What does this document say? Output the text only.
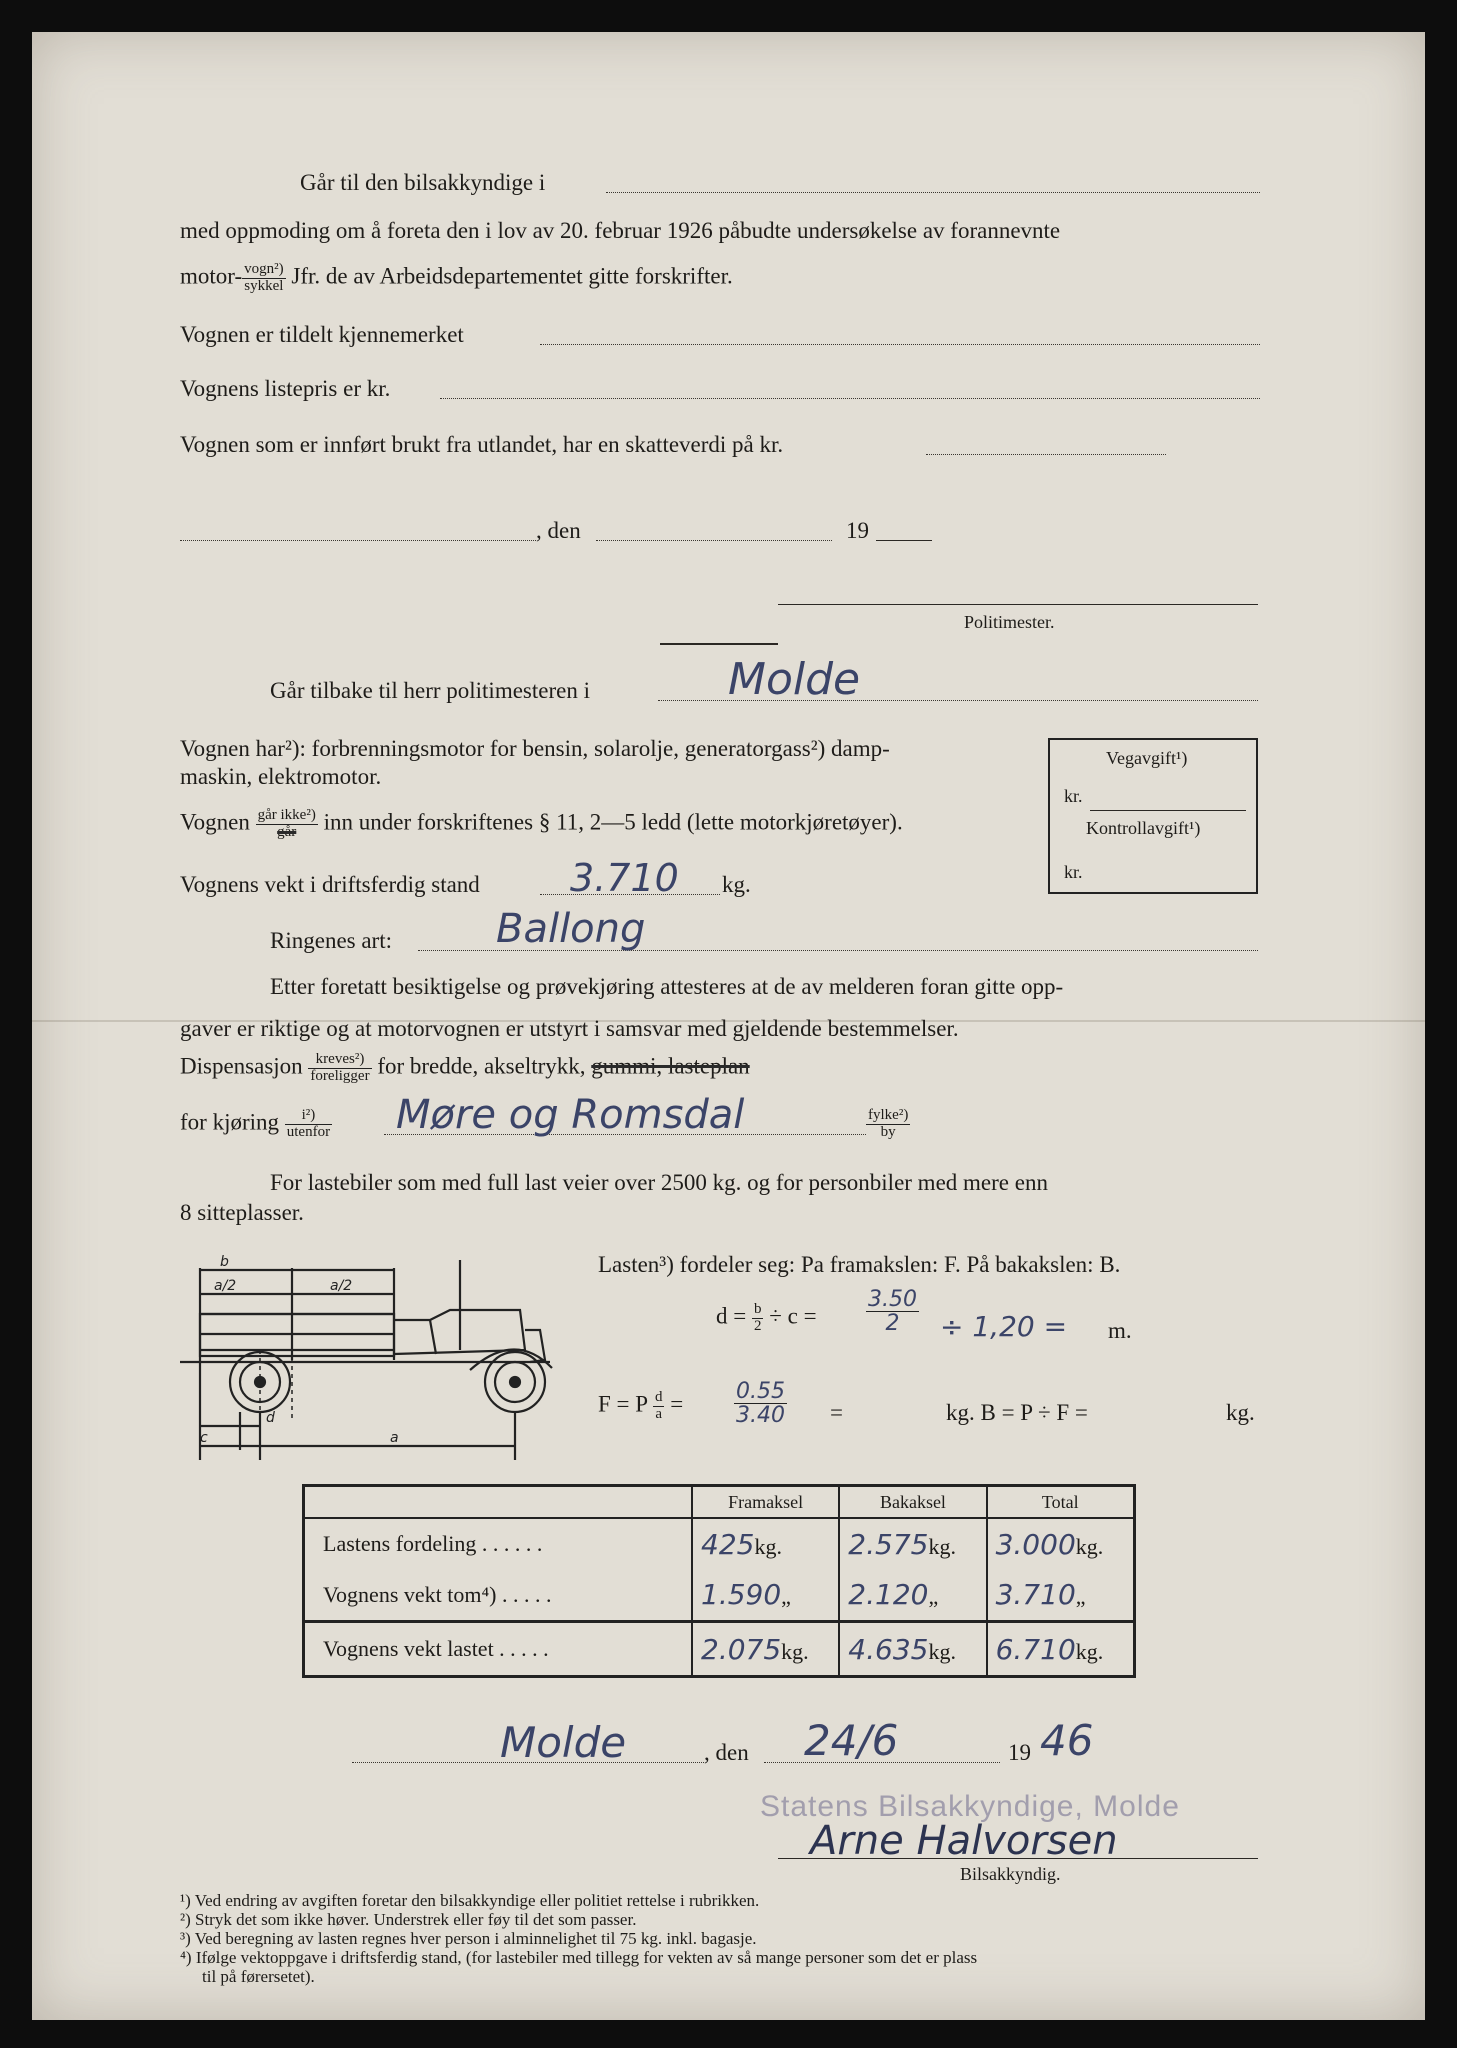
Går til den bilsakkyndige i
med oppmoding om å foreta den i lov av 20. februar 1926 påbudte undersøkelse av forannevnte
motor- $\frac{\text{vogn²)}}{\text{sykkel}}$ Jfr. de av Arbeidsdepartementet gitte forskrifter.
Vognen er tildelt kjennemerket
Vognens listepris er kr.
Vognen som er innført brukt fra utlandet, har en skatteverdi på kr.
, den	19
Politimester.
Går tilbake til herr politimesteren i	Molde
Vognen har²): forbrenningsmotor for bensin, solarolje, generatorgass²) damp-
maskin, elektromotor.
Vegavgift¹)
kr.
Kontrollavgift¹)
kr.
Vognen $\frac{\text{går ikke²)}}{\text{går}}$ inn under forskriftenes § 11, 2—5 ledd (lette motorkjøretøyer).
Vognens vekt i driftsferdig stand 3.710 kg.
Ringenes art:	Ballong
Etter foretatt besiktigelse og prøvekjøring attesteres at de av melderen foran gitte opp-
gaver er riktige og at motorvognen er utstyrt i samsvar med gjeldende bestemmelser.
Dispensasjon $\frac{\text{kreves²)}}{\text{foreligger}}$ for bredde, akseltrykk, gummi, lasteplan
for kjøring $\frac{\text{i²)}}{\text{utenfor}}$ Møre og Romsdal	$\frac{\text{fylke²)}}{by}$
For lastebiler som med full last veier over 2500 kg. og for personbiler med mere enn
8 sitteplasser.
b
a/2	a/2
c
d
a
Lasten³) fordeler seg: Pa framakslen: F. På bakakslen: B.
$d = \frac{b}{2} \div c = \frac{3.50}{2} \div 1,20 = m$.
F = P $\frac{d}{a} = \frac{0.55}{3.40}$ =	kg. B = P ÷ F =	kg.
	Framaksel	Bakaksel	Total
Lastens fordeling . . . . . .	425kg.	2.575kg.	3.000kg.
Vognens vekt tom⁴) . . . . .	1.590„	2.120„	3.710„
Vognens vekt lastet . . . . .	2.075kg.	4.635kg.	6.710kg.
Molde	, den 24/6	19 46
Statens Bilsakkyndige, Molde
Arne Halvorsen
Bilsakkyndig.
¹) Ved endring av avgiften foretar den bilsakkyndige eller politiet rettelse i rubrikken.
²) Stryk det som ikke høver. Understrek eller føy til det som passer.
³) Ved beregning av lasten regnes hver person i alminnelighet til 75 kg. inkl. bagasje.
⁴) Ifølge vektoppgave i driftsferdig stand, (for lastebiler med tillegg for vekten av så mange personer som det er plass
til på førersetet).
